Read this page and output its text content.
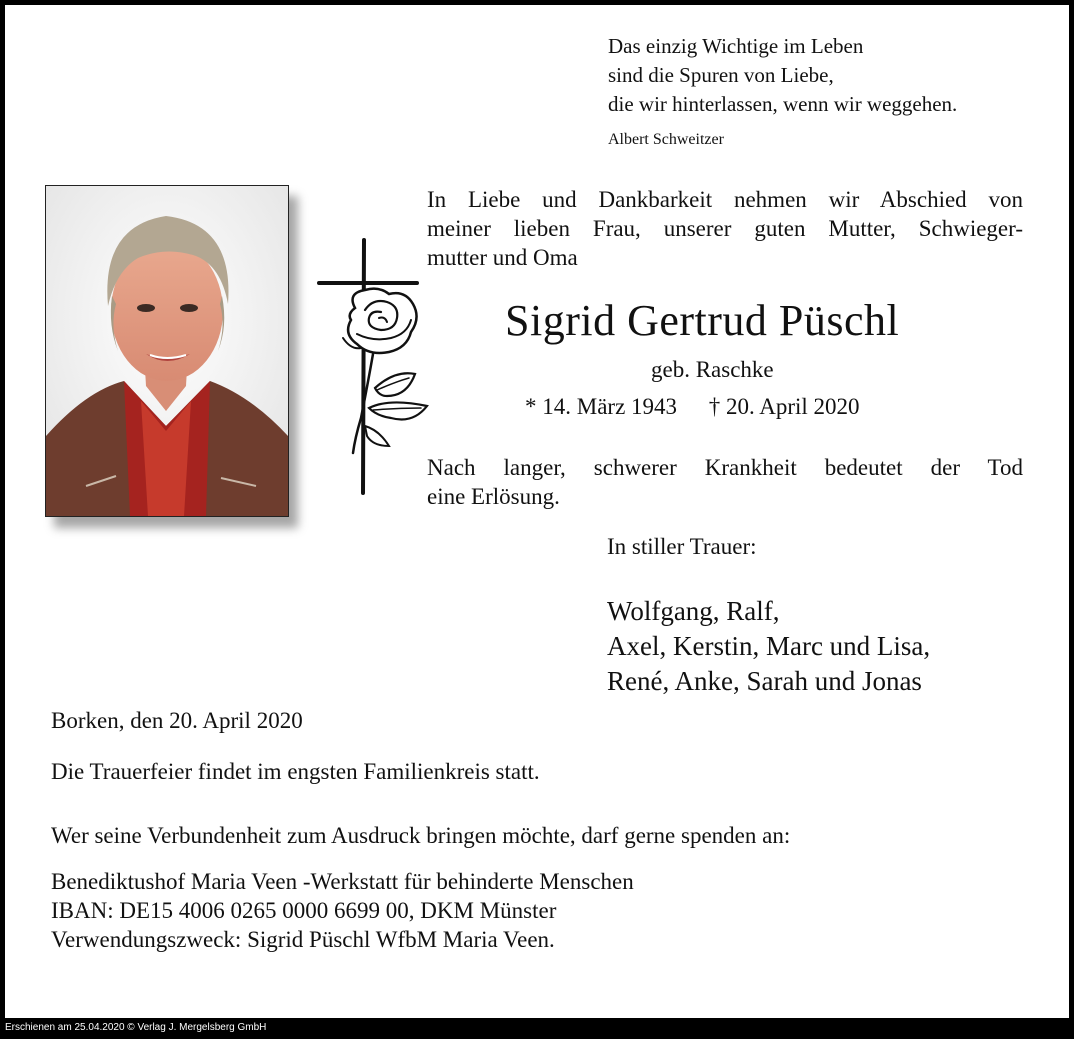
Das einzig Wichtige im Leben
sind die Spuren von Liebe,
die wir hinterlassen, wenn wir weggehen.
Albert Schweitzer
In Liebe und Dankbarkeit nehmen wir Abschied von
meiner lieben Frau, unserer guten Mutter, Schwieger-
mutter und Oma
Sigrid Gertrud Püschl
geb. Raschke
* 14. März 1943 † 20. April 2020
Nach langer, schwerer Krankheit bedeutet der Tod
eine Erlösung.
In stiller Trauer:
Wolfgang, Ralf,
Axel, Kerstin, Marc und Lisa,
René, Anke, Sarah und Jonas
Borken, den 20. April 2020
Die Trauerfeier findet im engsten Familienkreis statt.
Wer seine Verbundenheit zum Ausdruck bringen möchte, darf gerne spenden an:
Benediktushof Maria Veen -Werkstatt für behinderte Menschen
IBAN: DE15 4006 0265 0000 6699 00, DKM Münster
Verwendungszweck: Sigrid Püschl WfbM Maria Veen.
Erschienen am 25.04.2020 © Verlag J. Mergelsberg GmbH
